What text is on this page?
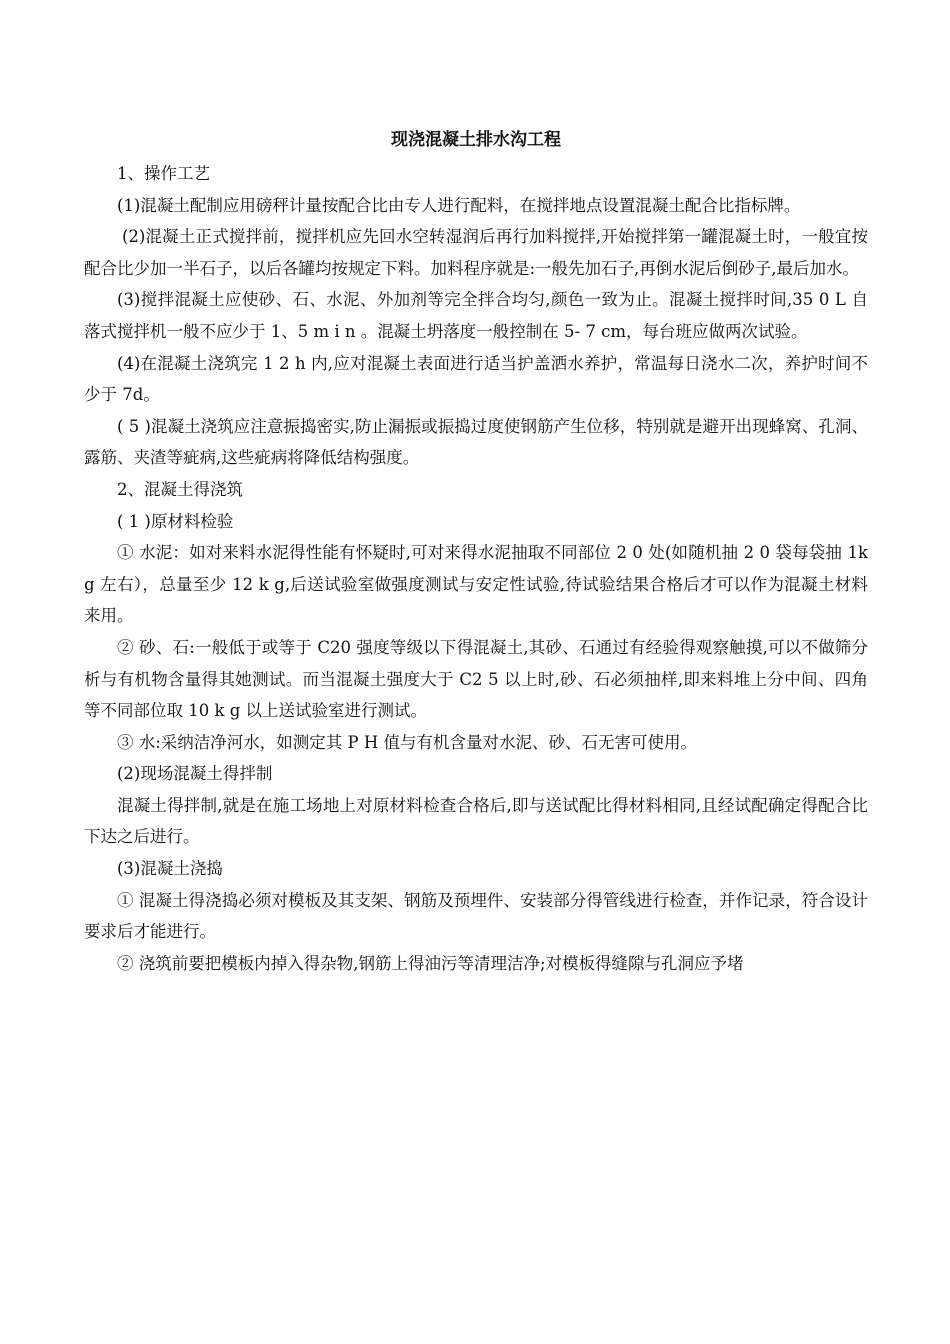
现浇混凝土排水沟工程

1、操作工艺

(1)混凝土配制应用磅秤计量按配合比由专人进行配料，在搅拌地点设置混凝土配合比指标牌。

(2)混凝土正式搅拌前，搅拌机应先回水空转湿润后再行加料搅拌,开始搅拌第一罐混凝土时，一般宜按配合比少加一半石子，以后各罐均按规定下料。加料程序就是:一般先加石子,再倒水泥后倒砂子,最后加水。

(3)搅拌混凝土应使砂、石、水泥、外加剂等完全拌合均匀,颜色一致为止。混凝土搅拌时间,35 0 L 自落式搅拌机一般不应少于 1、5 m i n 。混凝土坍落度一般控制在 5- 7 cm，每台班应做两次试验。

(4)在混凝土浇筑完 1 2 h 内,应对混凝土表面进行适当护盖洒水养护，常温每日浇水二次，养护时间不少于 7d。

( 5 )混凝土浇筑应注意振捣密实,防止漏振或振捣过度使钢筋产生位移，特别就是避开出现蜂窝、孔洞、露筋、夹渣等疵病,这些疵病将降低结构强度。

2、混凝土得浇筑

( 1 )原材料检验

① 水泥：如对来料水泥得性能有怀疑时,可对来得水泥抽取不同部位 2 0 处(如随机抽 2 0 袋每袋抽 1kg 左右），总量至少 12 k g,后送试验室做强度测试与安定性试验,待试验结果合格后才可以作为混凝土材料来用。

② 砂、石:一般低于或等于 C20 强度等级以下得混凝土,其砂、石通过有经验得观察触摸,可以不做筛分析与有机物含量得其她测试。而当混凝土强度大于 C2 5 以上时,砂、石必须抽样,即来料堆上分中间、四角等不同部位取 10 k g 以上送试验室进行测试。

③ 水:采纳洁净河水，如测定其 P H 值与有机含量对水泥、砂、石无害可使用。

(2)现场混凝土得拌制

混凝土得拌制,就是在施工场地上对原材料检查合格后,即与送试配比得材料相同,且经试配确定得配合比下达之后进行。

(3)混凝土浇捣

① 混凝土得浇捣必须对模板及其支架、钢筋及预埋件、安装部分得管线进行检查，并作记录，符合设计要求后才能进行。

② 浇筑前要把模板内掉入得杂物,钢筋上得油污等清理洁净;对模板得缝隙与孔洞应予堵
